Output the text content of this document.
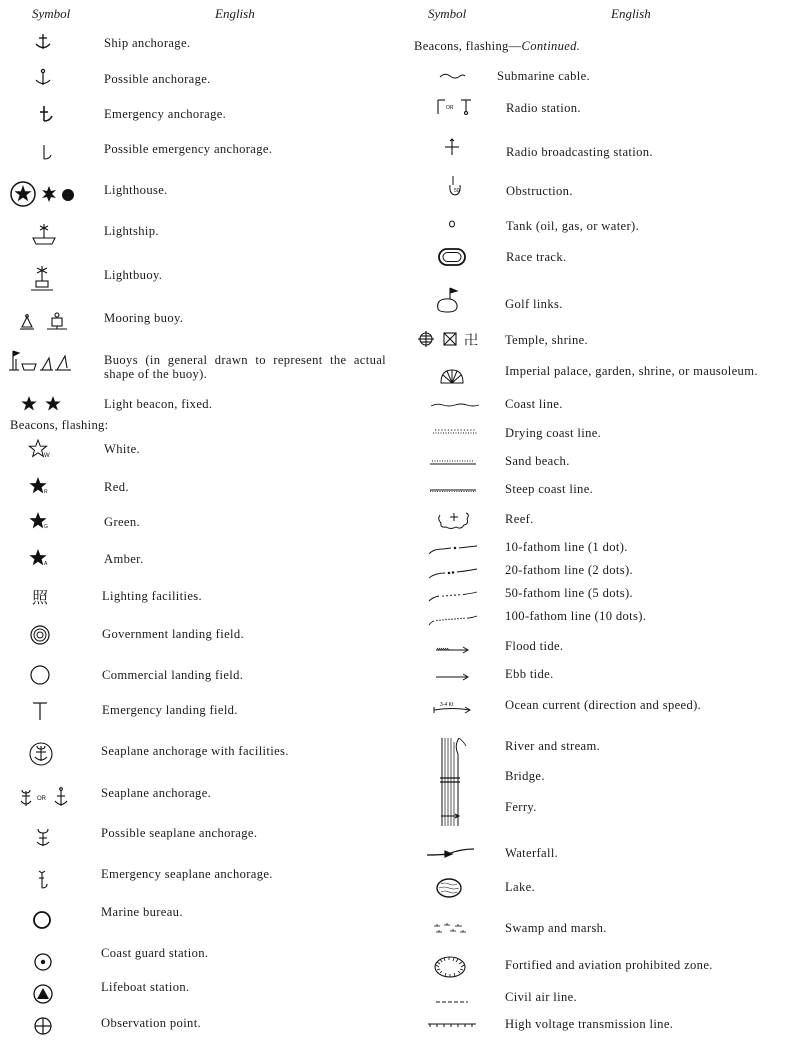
Symbol	English	Symbol	English
Ship anchorage.
Possible anchorage.
Emergency anchorage.
Possible emergency anchorage.
Lighthouse.
Lightship.
Lightbuoy.
Mooring buoy.
Buoys (in general drawn to represent the actual shape of the buoy).
Light beacon, fixed.
Beacons, flashing:
W	White.
R	Red.
G	Green.
A	Amber.
照	Lighting facilities.
Government landing field.
Commercial landing field.
Emergency landing field.
Seaplane anchorage with facilities.
OR	Seaplane anchorage.
Possible seaplane anchorage.
Emergency seaplane anchorage.
Marine bureau.
Coast guard station.
Lifeboat station.
Observation point.
Beacons, flashing—Continued.
Submarine cable.
OR	Radio station.
Radio broadcasting station.
50	Obstruction.
Tank (oil, gas, or water).
Race track.
Golf links.
卍 Temple, shrine.
Imperial palace, garden, shrine, or mausoleum.
Coast line.
Drying coast line.
Sand beach.
Steep coast line.
Reef.
10-fathom line (1 dot).
20-fathom line (2 dots).
50-fathom line (5 dots).
100-fathom line (10 dots).
Flood tide.
Ebb tide.
3-4 Kt	Ocean current (direction and speed).
River and stream.
Bridge.
Ferry.
Waterfall.
Lake.
Swamp and marsh.
Fortified and aviation prohibited zone.
Civil air line.
High voltage transmission line.
